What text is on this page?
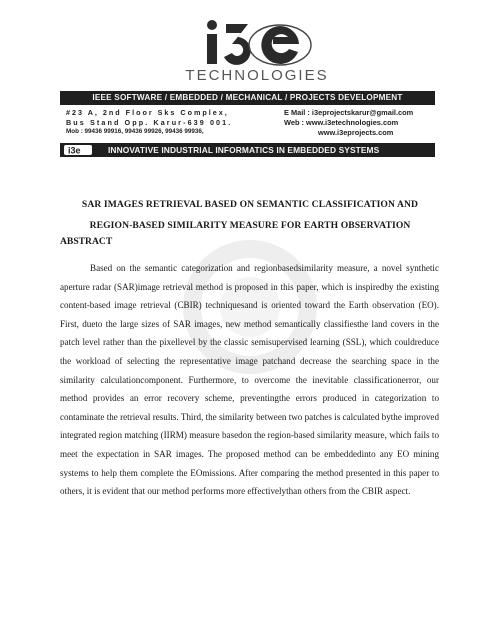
TECHNOLOGIES
IEEE SOFTWARE / EMBEDDED / MECHANICAL / PROJECTS DEVELOPMENT
#23 A, 2nd Floor Sks Complex,
Bus Stand Opp. Karur-639 001.
Mob : 99436 99916, 99436 99926, 99436 99936,
E Mail : i3eprojectskarur@gmail.com
Web : www.i3etechnologies.com
www.i3eprojects.com
i3e	INNOVATIVE INDUSTRIAL INFORMATICS IN EMBEDDED SYSTEMS
SAR IMAGES RETRIEVAL BASED ON SEMANTIC CLASSIFICATION AND
REGION-BASED SIMILARITY MEASURE FOR EARTH OBSERVATION
ABSTRACT

Based on the semantic categorization and regionbasedsimilarity measure, a novel synthetic aperture radar (SAR)image retrieval method is proposed in this paper, which is inspiredby the existing content-based image retrieval (CBIR) techniquesand is oriented toward the Earth observation (EO). First, dueto the large sizes of SAR images, new method semantically classifiesthe land covers in the patch level rather than the pixellevel by the classic semisupervised learning (SSL), which couldreduce the workload of selecting the representative image patchand decrease the searching space in the similarity calculationcomponent. Furthermore, to overcome the inevitable classificationerror, our method provides an error recovery scheme, preventingthe errors produced in categorization to contaminate the retrieval results. Third, the similarity between two patches is calculated bythe improved integrated region matching (IIRM) measure basedon the region-based similarity measure, which fails to meet the expectation in SAR images. The proposed method can be embeddedinto any EO mining systems to help them complete the EOmissions. After comparing the method presented in this paper to others, it is evident that our method performs more effectivelythan others from the CBIR aspect.
